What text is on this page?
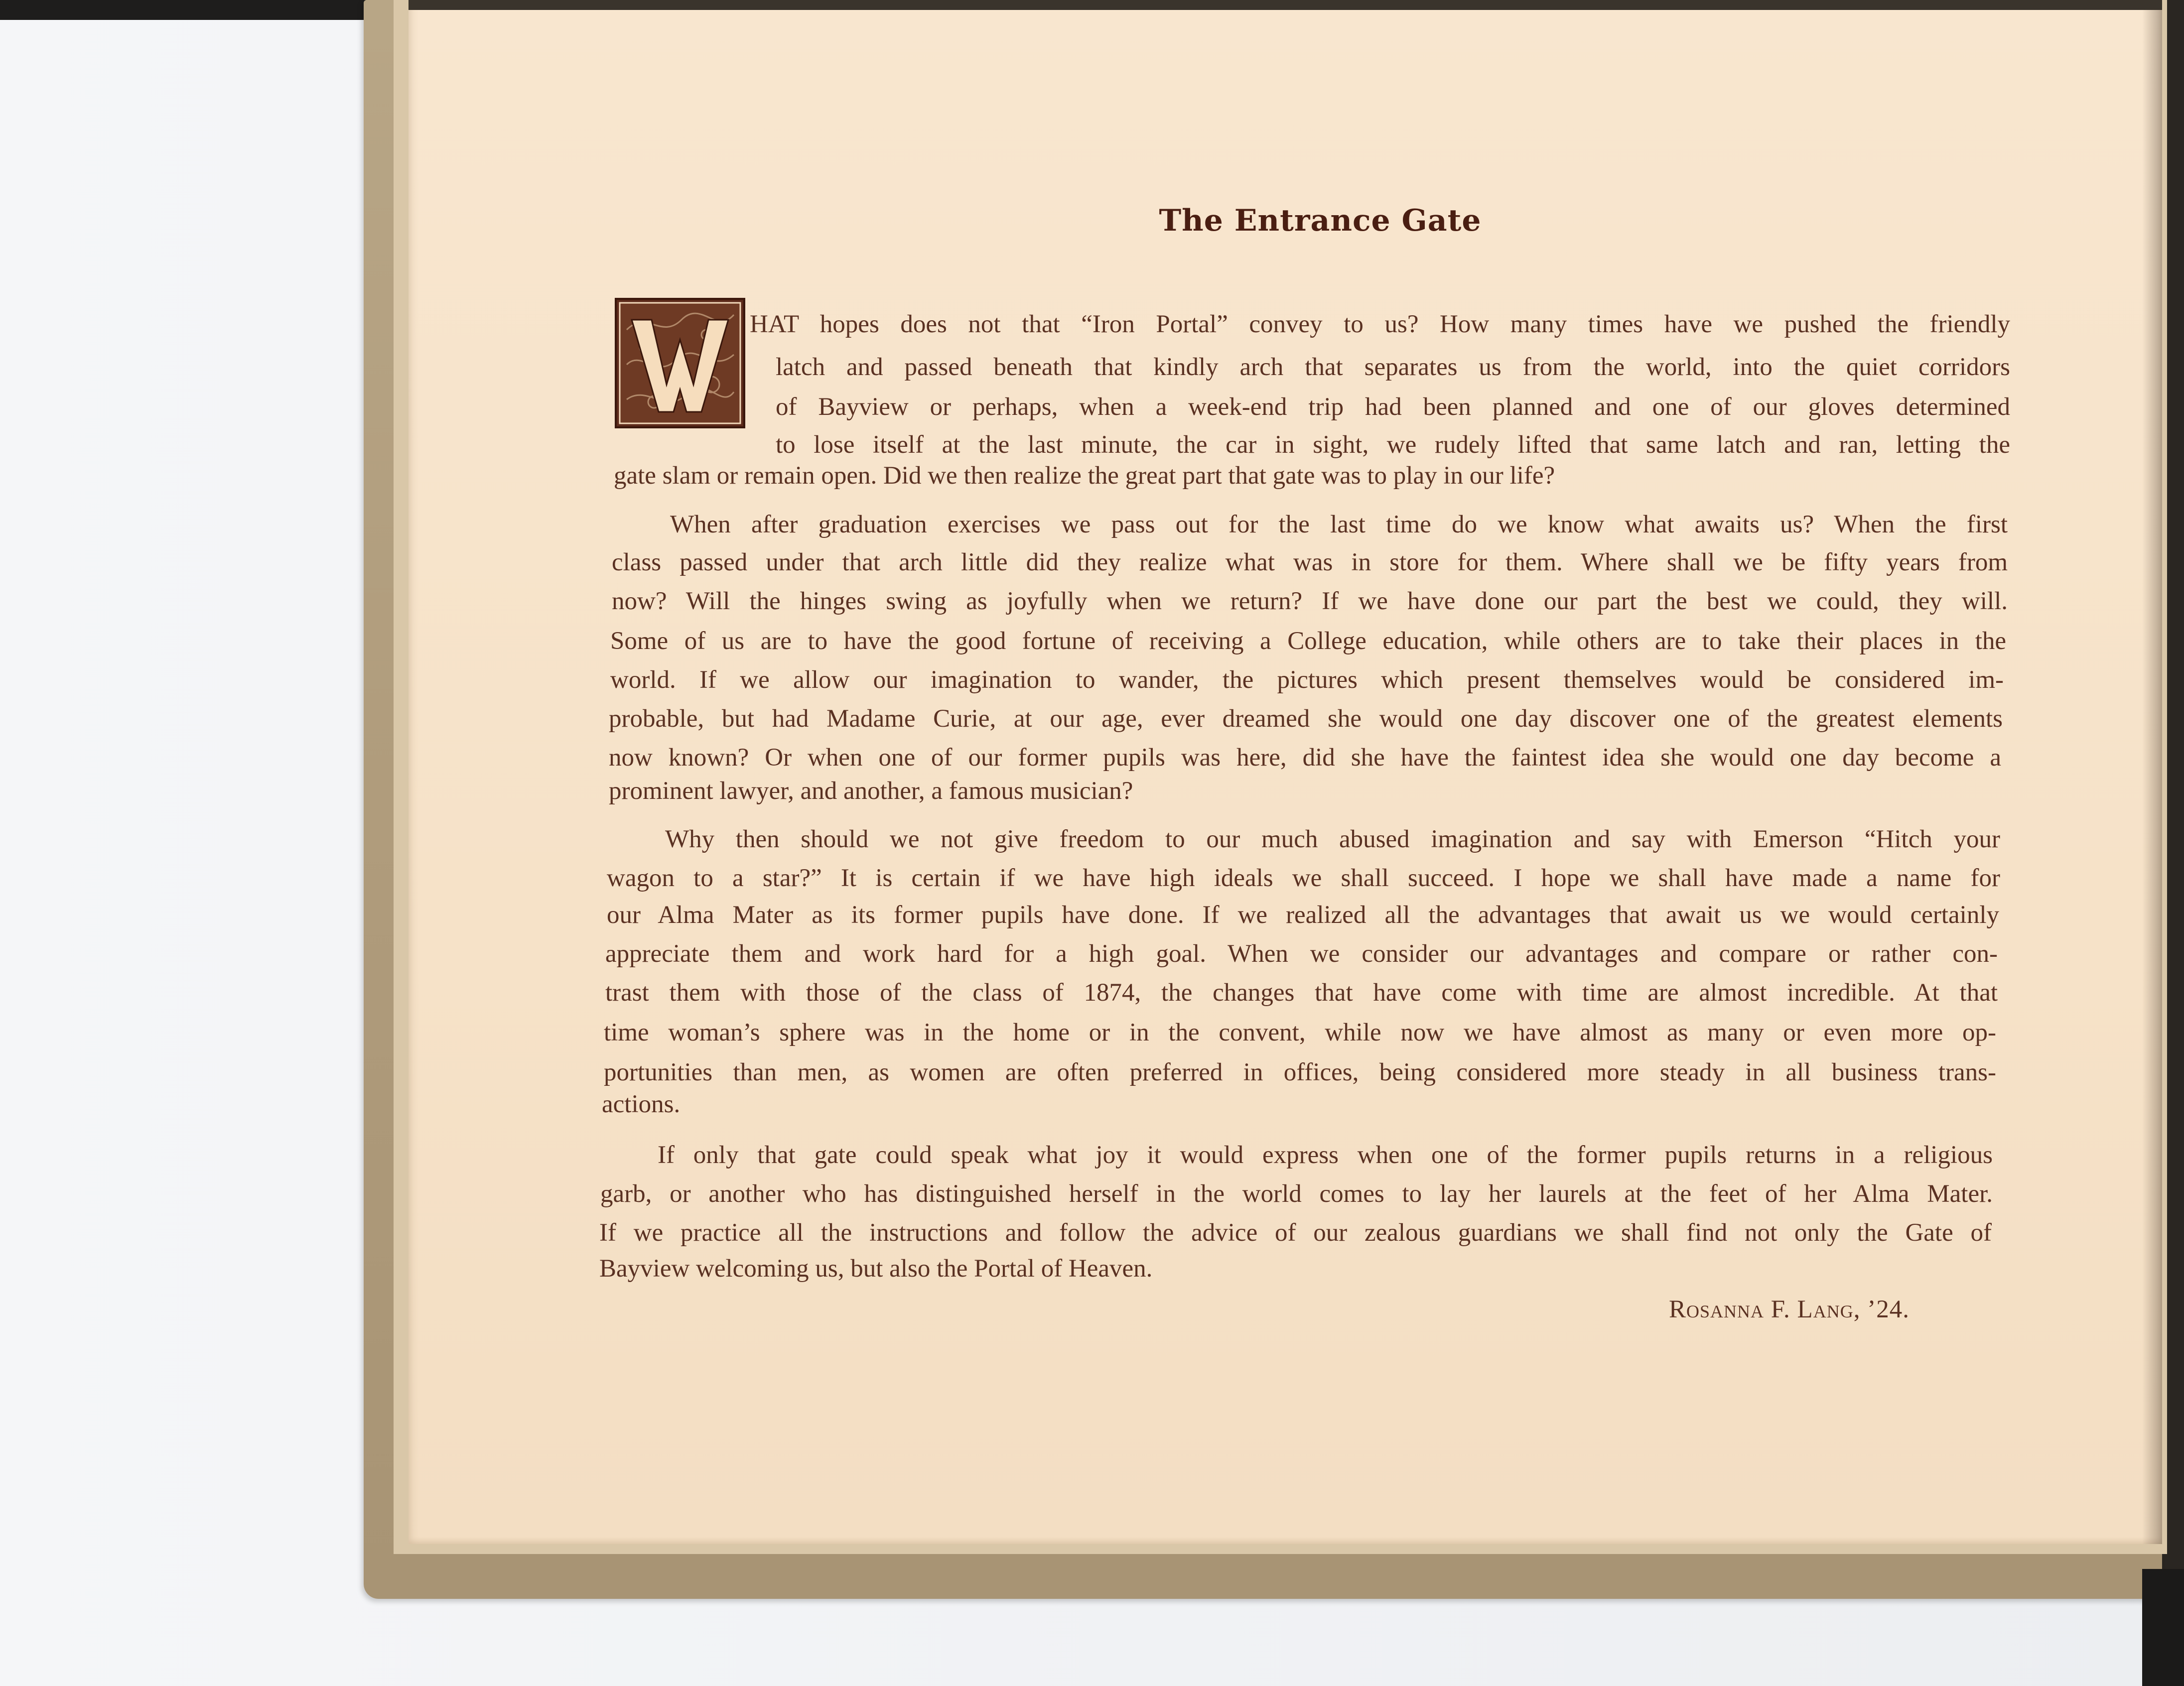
The Entrance Gate
HAT hopes does not that “Iron Portal” convey to us? How many times have we pushed the friendly
latch and passed beneath that kindly arch that separates us from the world, into the quiet corridors
of Bayview or perhaps, when a week-end trip had been planned and one of our gloves determined
to lose itself at the last minute, the car in sight, we rudely lifted that same latch and ran, letting the
gate slam or remain open. Did we then realize the great part that gate was to play in our life?
When after graduation exercises we pass out for the last time do we know what awaits us? When the first
class passed under that arch little did they realize what was in store for them. Where shall we be fifty years from
now? Will the hinges swing as joyfully when we return? If we have done our part the best we could, they will.
Some of us are to have the good fortune of receiving a College education, while others are to take their places in the
world. If we allow our imagination to wander, the pictures which present themselves would be considered im-
probable, but had Madame Curie, at our age, ever dreamed she would one day discover one of the greatest elements
now known? Or when one of our former pupils was here, did she have the faintest idea she would one day become a
prominent lawyer, and another, a famous musician?
Why then should we not give freedom to our much abused imagination and say with Emerson “Hitch your
wagon to a star?” It is certain if we have high ideals we shall succeed. I hope we shall have made a name for
our Alma Mater as its former pupils have done. If we realized all the advantages that await us we would certainly
appreciate them and work hard for a high goal. When we consider our advantages and compare or rather con-
trast them with those of the class of 1874, the changes that have come with time are almost incredible. At that
time woman’s sphere was in the home or in the convent, while now we have almost as many or even more op-
portunities than men, as women are often preferred in offices, being considered more steady in all business trans-
actions.
If only that gate could speak what joy it would express when one of the former pupils returns in a religious
garb, or another who has distinguished herself in the world comes to lay her laurels at the feet of her Alma Mater.
If we practice all the instructions and follow the advice of our zealous guardians we shall find not only the Gate of
Bayview welcoming us, but also the Portal of Heaven.
Rosanna F. Lang, ’24.
